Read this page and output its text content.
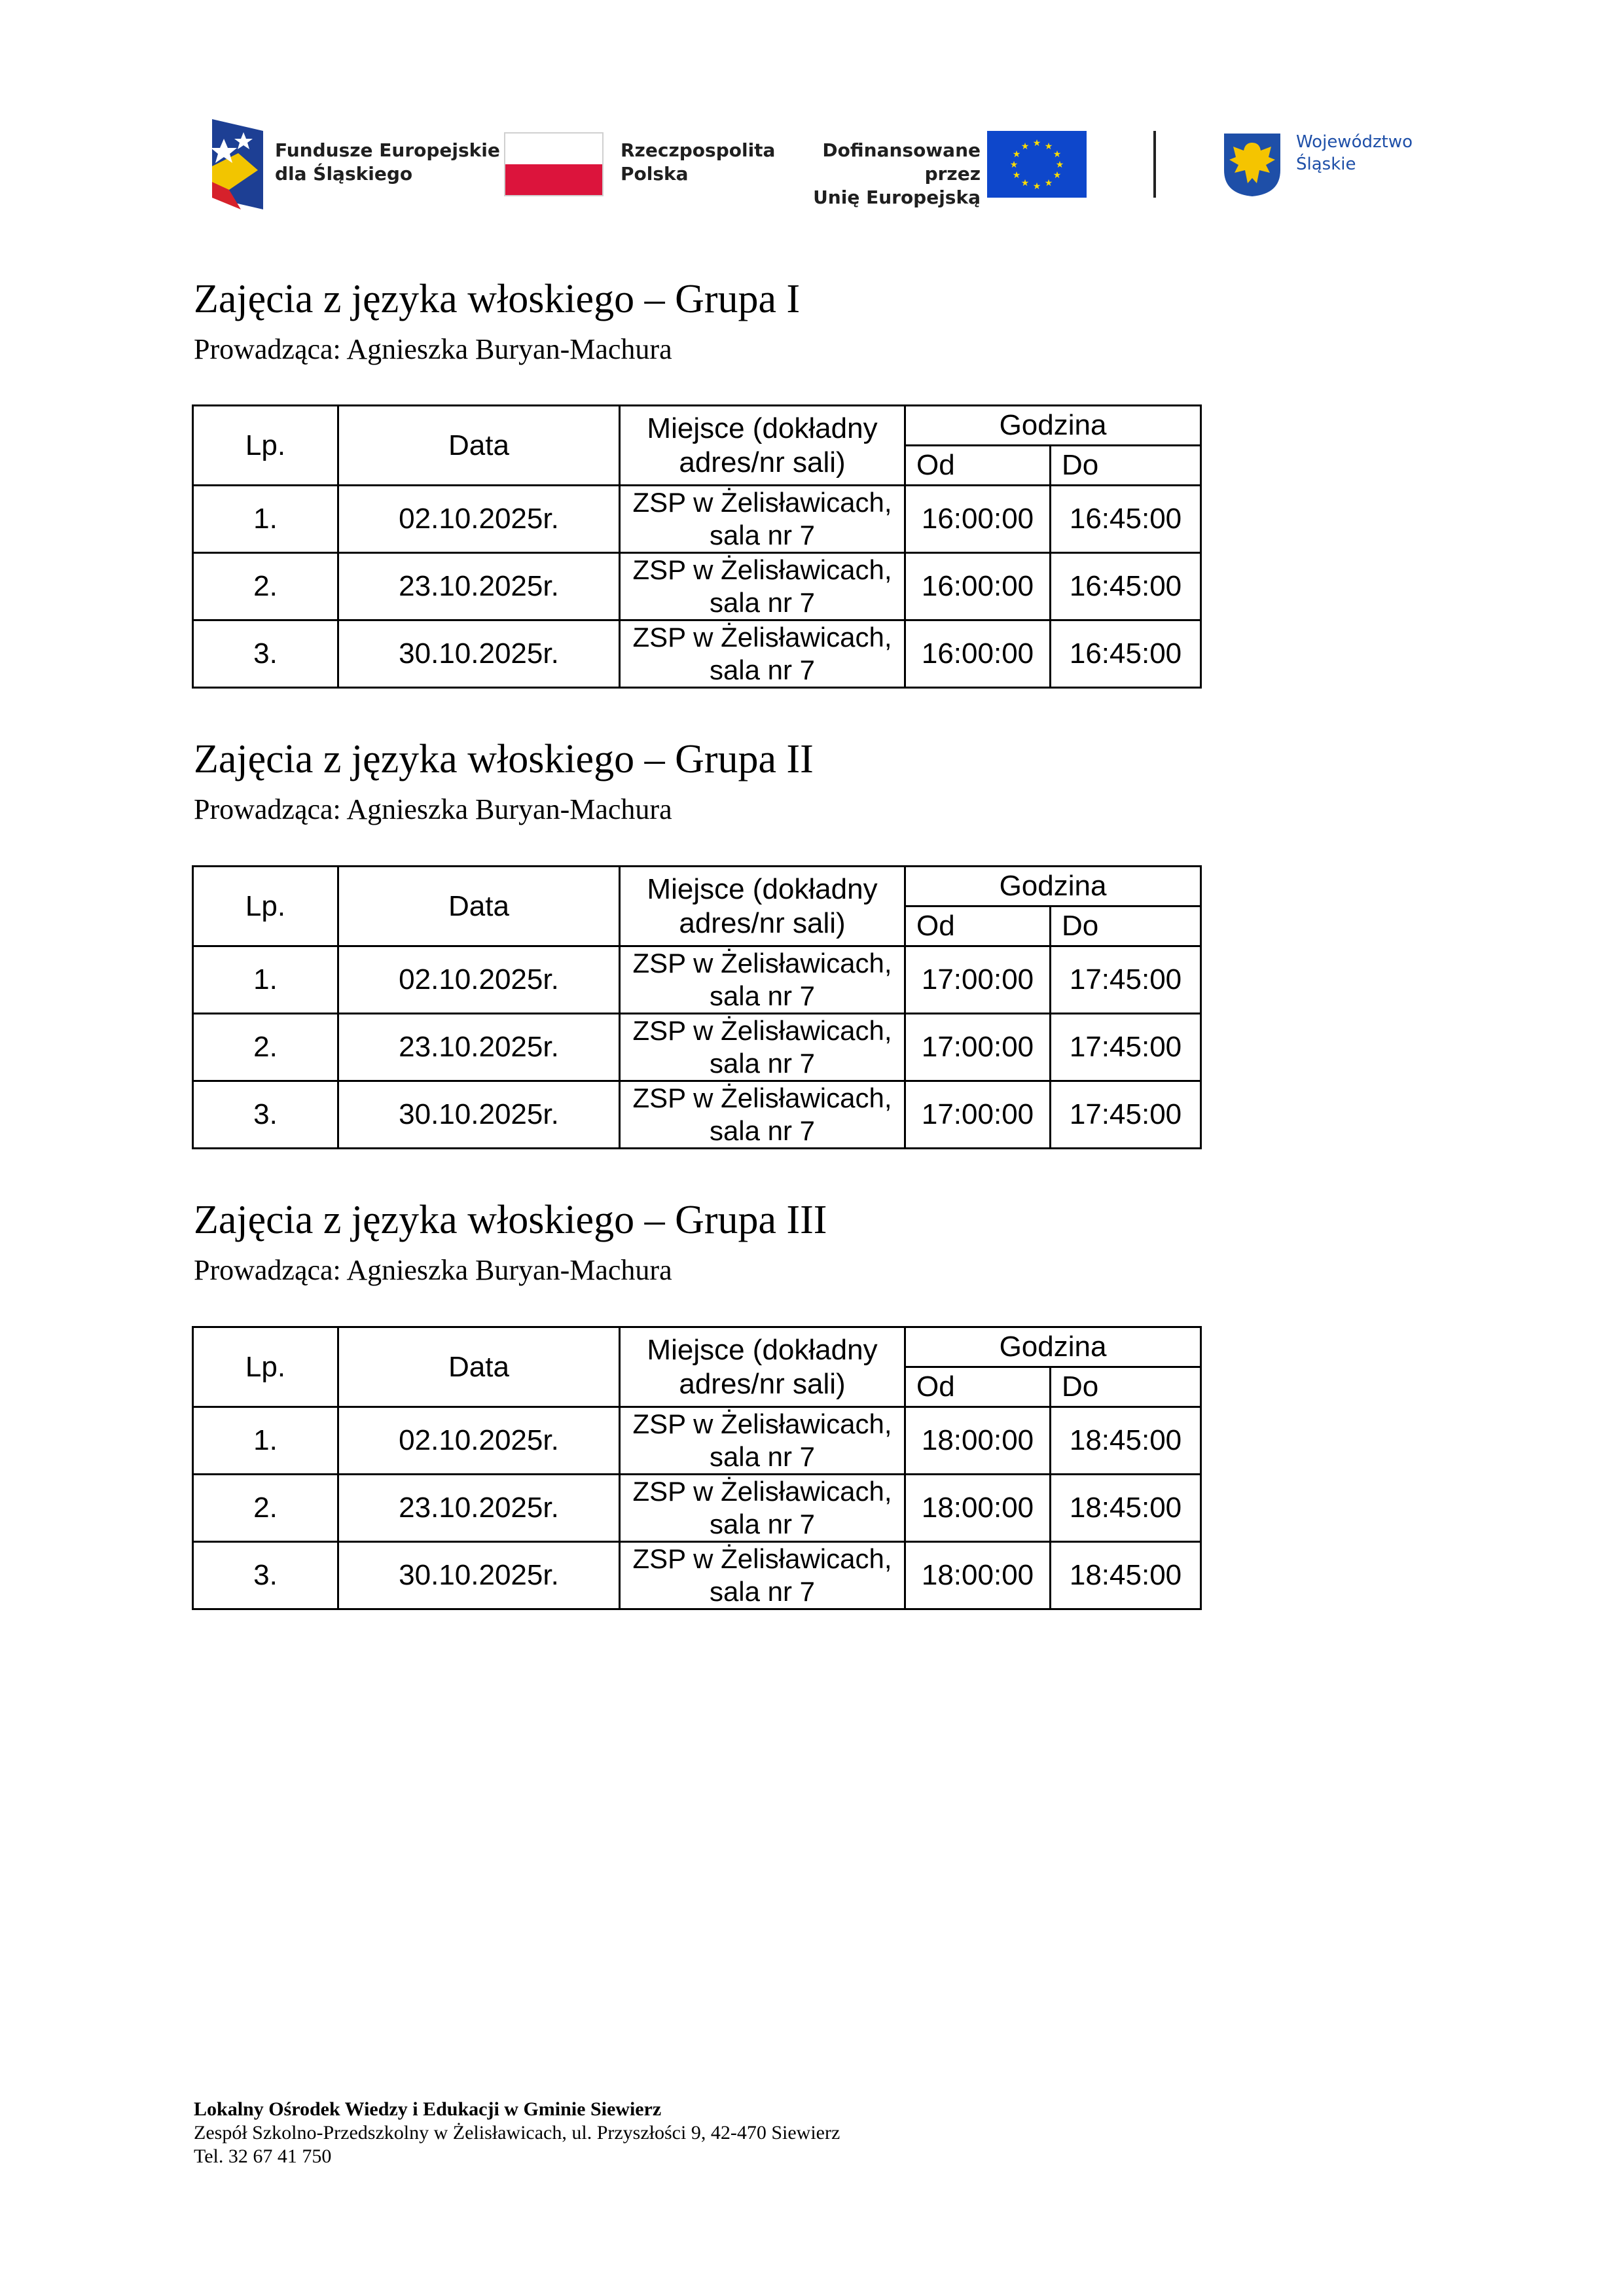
Fundusze Europejskie
dla Śląskiego
Rzeczpospolita
Polska
Dofinansowane przez
Unię Europejską
★ ★
★
★
★
★
★
★
★
★
★
★	Województwo
Śląskie
Zajęcia z języka włoskiego – Grupa I
Prowadząca: Agnieszka Buryan-Machura
Lp.	Data	Miejsce (dokładny
adres/nr sali)	Godzina	
			Od	Do
1.	02.10.2025r.	ZSP w Żelisławicach,
sala nr 7	16:00:00	16:45:00
2.	23.10.2025r.	ZSP w Żelisławicach,
sala nr 7	16:00:00	16:45:00
3.	30.10.2025r.	ZSP w Żelisławicach,
sala nr 7	16:00:00	16:45:00
Zajęcia z języka włoskiego – Grupa II
Prowadząca: Agnieszka Buryan-Machura
Lp.	Data	Miejsce (dokładny
adres/nr sali)	Godzina	
			Od	Do
1.	02.10.2025r.	ZSP w Żelisławicach,
sala nr 7	17:00:00	17:45:00
2.	23.10.2025r.	ZSP w Żelisławicach,
sala nr 7	17:00:00	17:45:00
3.	30.10.2025r.	ZSP w Żelisławicach,
sala nr 7	17:00:00	17:45:00
Zajęcia z języka włoskiego – Grupa III
Prowadząca: Agnieszka Buryan-Machura
Lp.	Data	Miejsce (dokładny
adres/nr sali)	Godzina	
			Od	Do
1.	02.10.2025r.	ZSP w Żelisławicach,
sala nr 7	18:00:00	18:45:00
2.	23.10.2025r.	ZSP w Żelisławicach,
sala nr 7	18:00:00	18:45:00
3.	30.10.2025r.	ZSP w Żelisławicach,
sala nr 7	18:00:00	18:45:00
Lokalny Ośrodek Wiedzy i Edukacji w Gminie Siewierz
Zespół Szkolno-Przedszkolny w Żelisławicach, ul. Przyszłości 9, 42-470 Siewierz
Tel. 32 67 41 750
